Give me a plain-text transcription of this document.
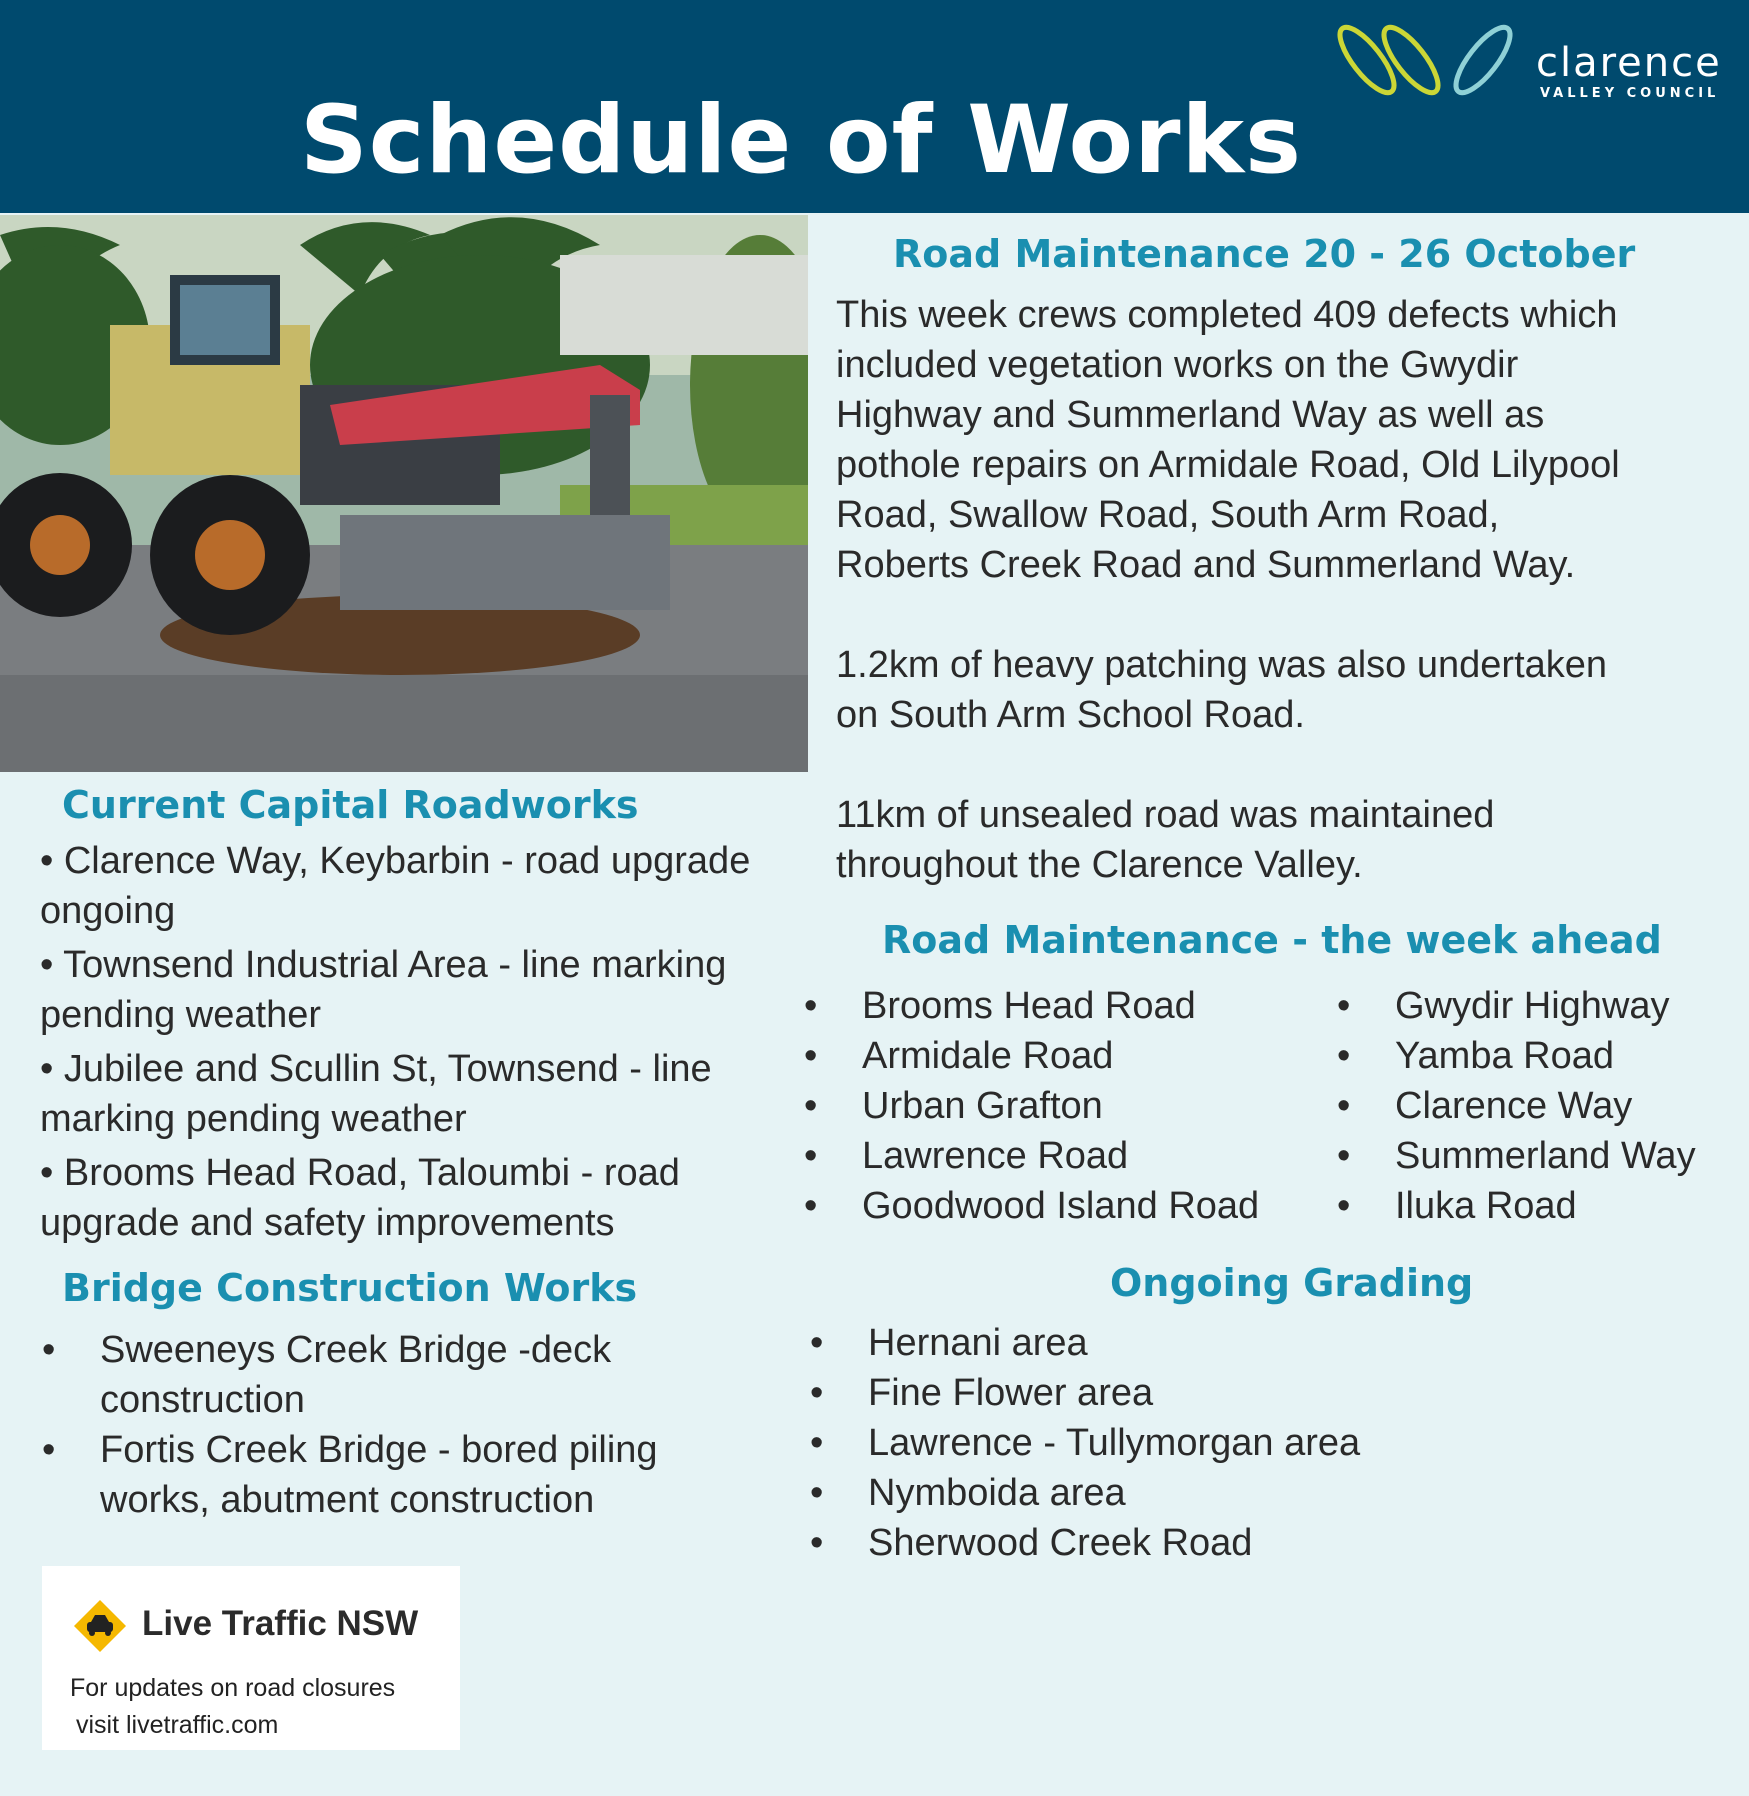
Schedule of Works
clarence
VALLEY COUNCIL
Road Maintenance 20 - 26 October
This week crews completed 409 defects which
included vegetation works on the Gwydir
Highway and Summerland Way as well as
pothole repairs on Armidale Road, Old Lilypool
Road, Swallow Road, South Arm Road,
Roberts Creek Road and Summerland Way.
1.2km of heavy patching was also undertaken
on South Arm School Road.
11km of unsealed road was maintained
throughout the Clarence Valley.
Road Maintenance - the week ahead
• Brooms Head Road
• Armidale Road
• Urban Grafton
• Lawrence Road
• Goodwood Island Road
• Gwydir Highway
• Yamba Road
• Clarence Way
• Summerland Way
• Iluka Road
Ongoing Grading
• Hernani area
• Fine Flower area
• Lawrence - Tullymorgan area
• Nymboida area
• Sherwood Creek Road
Current Capital Roadworks
• Clarence Way, Keybarbin - road upgrade ongoing
• Townsend Industrial Area - line marking pending weather
• Jubilee and Scullin St, Townsend - line marking pending weather
• Brooms Head Road, Taloumbi - road upgrade and safety improvements
Bridge Construction Works
• Sweeneys Creek Bridge -deck construction
• Fortis Creek Bridge - bored piling works, abutment construction
Live Traffic NSW
For updates on road closures
visit livetraffic.com
